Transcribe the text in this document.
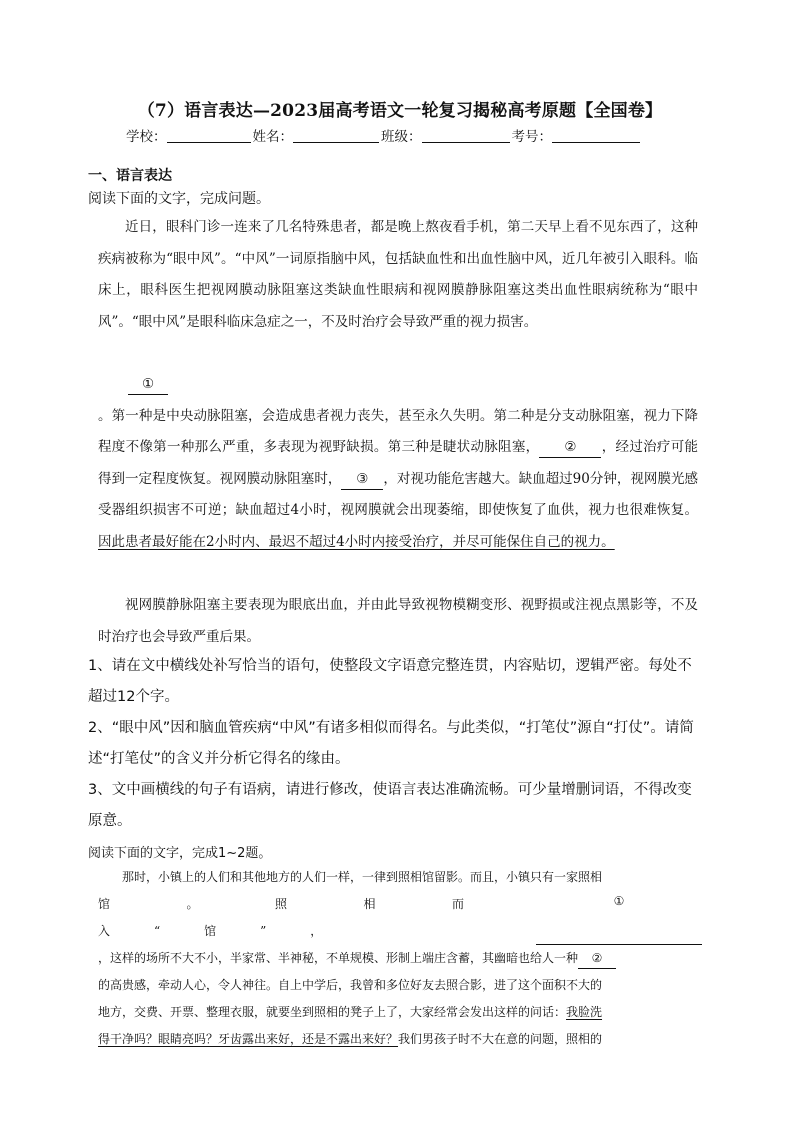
（7）语言表达—2023届高考语文一轮复习揭秘高考原题【全国卷】
学校：	姓名：	班级：	考号：
一、语言表达
阅读下面的文字，完成问题。

近日，眼科门诊一连来了几名特殊患者，都是晚上熬夜看手机，第二天早上看不见东西了，这种疾病被称为“眼中风”。“中风”一词原指脑中风，包括缺血性和出血性脑中风，近几年被引入眼科。临床上，眼科医生把视网膜动脉阻塞这类缺血性眼病和视网膜静脉阻塞这类出血性眼病统称为“眼中风”。“眼中风”是眼科临床急症之一，不及时治疗会导致严重的视力损害。

①

。第一种是中央动脉阻塞，会造成患者视力丧失，甚至永久失明。第二种是分支动脉阻塞，视力下降程度不像第一种那么严重，多表现为视野缺损。第三种是睫状动脉阻塞， ② ，经过治疗可能得到一定程度恢复。视网膜动脉阻塞时， ③ ，对视功能危害越大。缺血超过90分钟，视网膜光感受器组织损害不可逆；缺血超过4小时，视网膜就会出现萎缩，即使恢复了血供，视力也很难恢复。因此患者最好能在2小时内、最迟不超过4小时内接受治疗，并尽可能保住自己的视力。

视网膜静脉阻塞主要表现为眼底出血，并由此导致视物模糊变形、视野损或注视点黑影等，不及时治疗也会导致严重后果。

1、请在文中横线处补写恰当的语句，使整段文字语意完整连贯，内容贴切，逻辑严密。每处不超过12个字。

2、“眼中风”因和脑血管疾病“中风”有诸多相似而得名。与此类似，“打笔仗”源自“打仗”。请简述“打笔仗”的含义并分析它得名的缘由。

3、文中画横线的句子有语病，请进行修改，使语言表达准确流畅。可少量增删词语，不得改变原意。

阅读下面的文字，完成1~2题。

那时，小镇上的人们和其他地方的人们一样，一律到照相馆留影。而且，小镇只有一家照相

馆。照相而入“馆”，
①

，这样的场所不大不小，半家常、半神秘，不单规模、形制上端庄含蓄，其幽暗也给人一种 ②

的高贵感，牵动人心，令人神往。自上中学后，我曾和多位好友去照合影，进了这个面积不大的

地方，交费、开票、整理衣服，就要坐到照相的凳子上了，大家经常会发出这样的问话：我脸洗

得干净吗？眼睛亮吗？牙齿露出来好，还是不露出来好？我们男孩子时不大在意的问题，照相的
